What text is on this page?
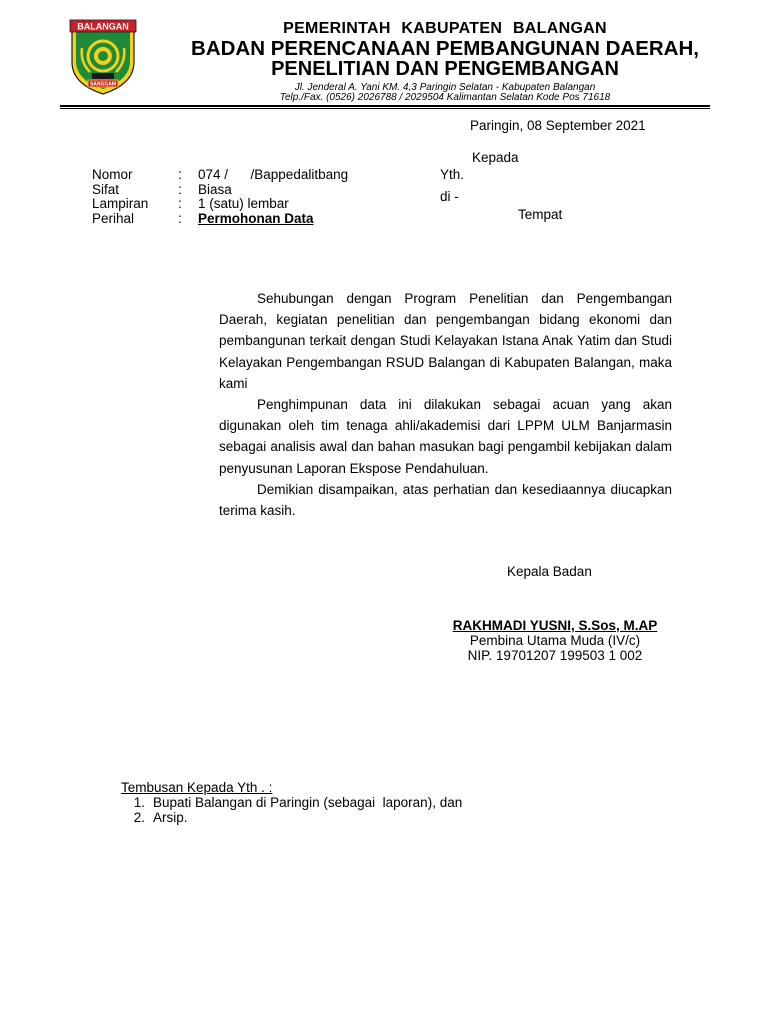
BALANGAN
SANGGAM
PEMERINTAH KABUPATEN BALANGAN
BADAN PERENCANAAN PEMBANGUNAN DAERAH,
PENELITIAN DAN PENGEMBANGAN
Jl. Jenderal A. Yani KM. 4,3 Paringin Selatan - Kabupaten Balangan
Telp./Fax. (0526) 2026788 / 2029504 Kalimantan Selatan Kode Pos 71618
Paringin, 08 September 2021
Kepada
Yth.
di -
Tempat
Nomor	: 074 /      /Bappedalitbang
Sifat	: Biasa
Lampiran : 1 (satu) lembar
Perihal	: Permohonan Data

Sehubungan dengan Program Penelitian dan Pengembangan Daerah, kegiatan penelitian dan pengembangan bidang ekonomi dan pembangunan terkait dengan Studi Kelayakan Istana Anak Yatim dan Studi Kelayakan Pengembangan RSUD Balangan di Kabupaten Balangan, maka kami

Penghimpunan data ini dilakukan sebagai acuan yang akan digunakan oleh tim tenaga ahli/akademisi dari LPPM ULM Banjarmasin sebagai analisis awal dan bahan masukan bagi pengambil kebijakan dalam penyusunan Laporan Ekspose Pendahuluan.

Demikian disampaikan, atas perhatian dan kesediaannya diucapkan terima kasih.

Kepala Badan
RAKHMADI YUSNI, S.Sos, M.AP
Pembina Utama Muda (IV/c)
NIP. 19701207 199503 1 002
Tembusan Kepada Yth . :
1. Bupati Balangan di Paringin (sebagai  laporan), dan
2. Arsip.
